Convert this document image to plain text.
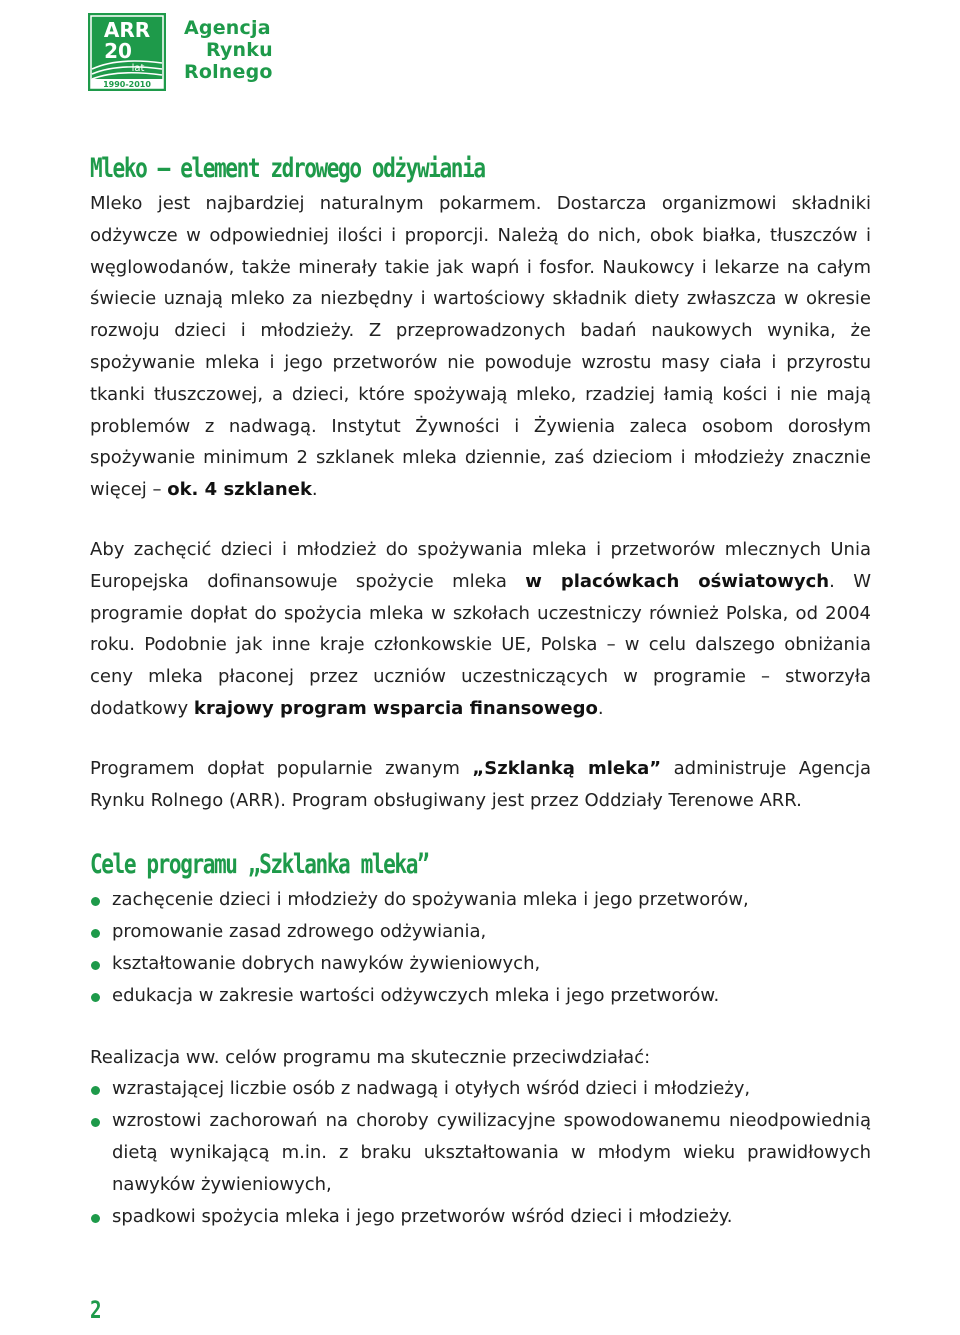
ARR
20
lat
1990-2010
Agencja
Rynku
Rolnego
Mleko – element zdrowego odżywiania

Mleko jest najbardziej naturalnym pokarmem. Dostarcza organizmowi składniki odżywcze w odpowiedniej ilości i proporcji. Należą do nich, obok białka, tłuszczów i węglowodanów, także minerały takie jak wapń i fosfor. Naukowcy i lekarze na całym świecie uznają mleko za niezbędny i wartościowy składnik diety zwłaszcza w okresie rozwoju dzieci i młodzieży. Z przeprowadzonych badań naukowych wynika, że spożywanie mleka i jego przetworów nie powoduje wzrostu masy ciała i przyrostu tkanki tłuszczowej, a dzieci, które spożywają mleko, rzadziej łamią kości i nie mają problemów z nadwagą. Instytut Żywności i Żywienia zaleca osobom dorosłym spożywanie minimum 2 szklanek mleka dziennie, zaś dzieciom i młodzieży znacznie więcej – ok. 4 szklanek.

Aby zachęcić dzieci i młodzież do spożywania mleka i przetworów mlecznych Unia Europejska dofinansowuje spożycie mleka w placówkach oświatowych. W programie dopłat do spożycia mleka w szkołach uczestniczy również Polska, od 2004 roku. Podobnie jak inne kraje członkowskie UE, Polska – w celu dalszego obniżania ceny mleka płaconej przez uczniów uczestniczących w programie – stworzyła dodatkowy krajowy program wsparcia finansowego.

Programem dopłat popularnie zwanym „Szklanką mleka” administruje Agencja Rynku Rolnego (ARR). Program obsługiwany jest przez Oddziały Terenowe ARR.

Cele programu „Szklanka mleka”
zachęcenie dzieci i młodzieży do spożywania mleka i jego przetworów,
promowanie zasad zdrowego odżywiania,
kształtowanie dobrych nawyków żywieniowych,
edukacja w zakresie wartości odżywczych mleka i jego przetworów.

Realizacja ww. celów programu ma skutecznie przeciwdziałać:

wzrastającej liczbie osób z nadwagą i otyłych wśród dzieci i młodzieży,
wzrostowi zachorowań na choroby cywilizacyjne spowodowanemu nieodpowiednią dietą wynikającą m.in. z braku ukształtowania w młodym wieku prawidłowych nawyków żywieniowych,
spadkowi spożycia mleka i jego przetworów wśród dzieci i młodzieży.
2
